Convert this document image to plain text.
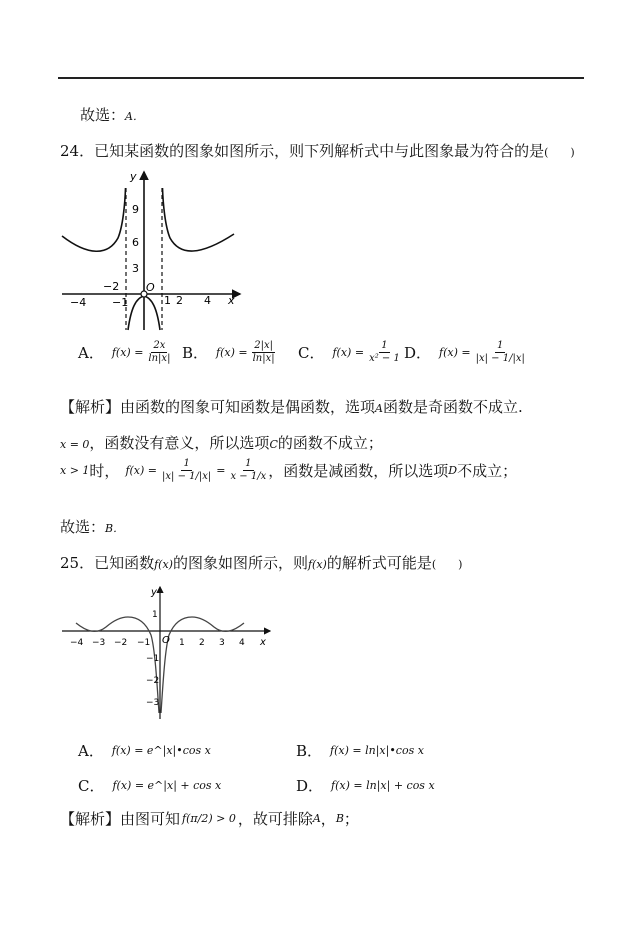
故选：A．
24．已知某函数的图象如图所示，则下列解析式中与此图象最为符合的是(　　)
y
x
O
9
6
3
−4
−2
−1	1 2 4
A． $f(x) = \frac{2x}{\ln|x|}$ B． $f(x) = \frac{2|x|}{\ln|x|}$ C． $f(x) = \frac{1}{\text{x² − 1}}$ D． $f(x) = \frac{1}{|x| - 1/|x|}$
【解析】由函数的图象可知函数是偶函数，选项A函数是奇函数不成立.
x = 0，函数没有意义，所以选项C的函数不成立；
x > 1 时， $f(x) = \frac{1}{|x| - 1/|x|} = \frac{1}{x - 1/x}$ ，函数是减函数，所以选项 D 不成立；
故选：B．
25．已知函数f(x)的图象如图所示，则f(x)的解析式可能是(　　)
y
x
O
1
−1
−2
−3
−4 −3 −2 −1	1 2 3 4
A． f(x) = e^|x|•cos x	B． f(x) = ln|x|•cos x
C． f(x) = e^|x| + cos x	D． f(x) = ln|x| + cos x
【解析】 由图可知 f(π/2) > 0 ，故可排除 A ， B ；
